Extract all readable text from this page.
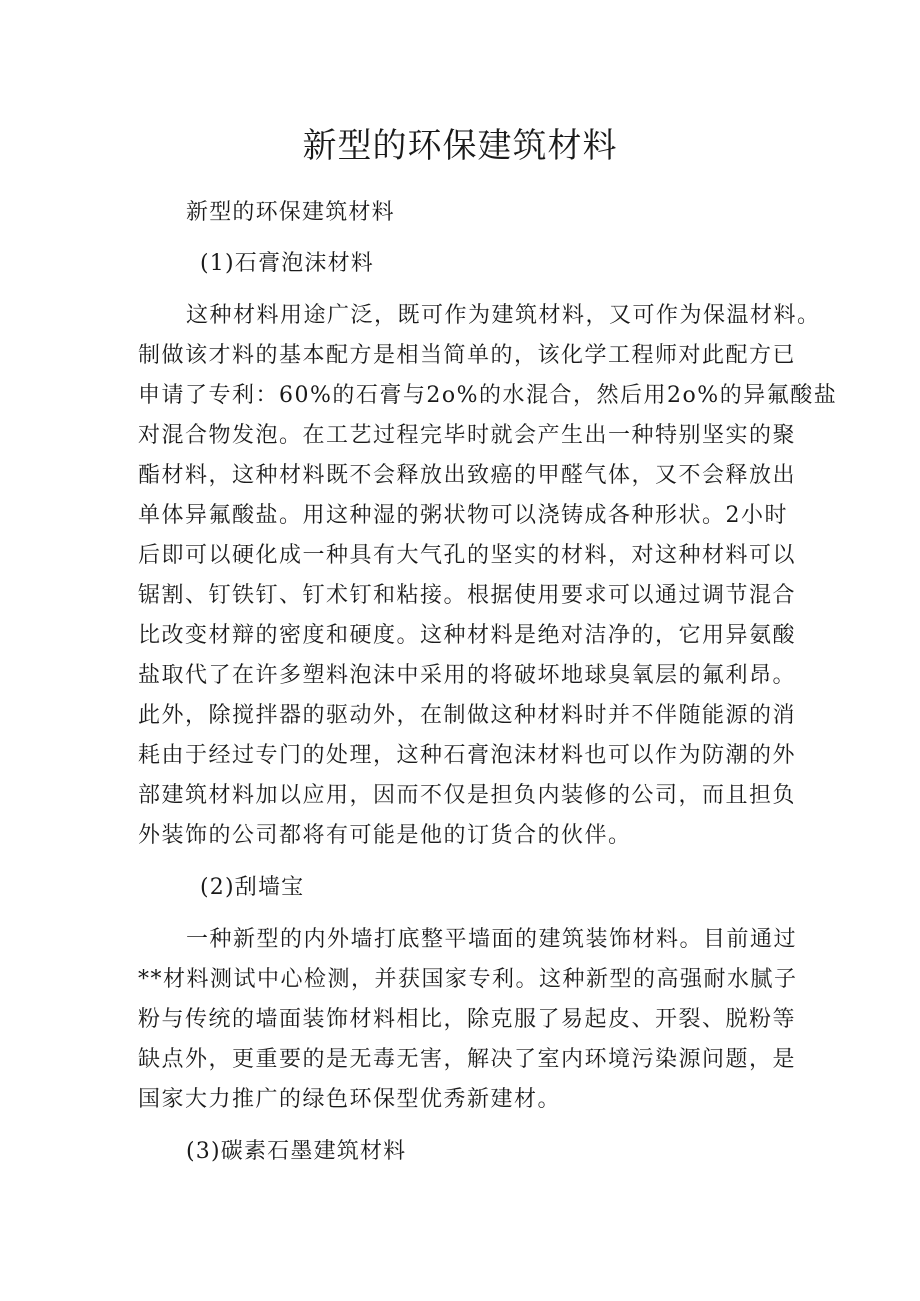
新型的环保建筑材料
新型的环保建筑材料
(1)石膏泡沫材料
这种材料用途广泛，既可作为建筑材料，又可作为保温材料。
制做该才料的基本配方是相当简单的，该化学工程师对此配方已
申请了专利：60%的石膏与2o%的水混合，然后用2o%的异氟酸盐
对混合物发泡。在工艺过程完毕时就会产生出一种特别坚实的聚
酯材料，这种材料既不会释放出致癌的甲醛气体，又不会释放出
单体异氟酸盐。用这种湿的粥状物可以浇铸成各种形状。2小时
后即可以硬化成一种具有大气孔的坚实的材料，对这种材料可以
锯割、钉铁钉、钉术钉和粘接。根据使用要求可以通过调节混合
比改变材辩的密度和硬度。这种材料是绝对洁净的，它用异氨酸
盐取代了在许多塑料泡沫中采用的将破坏地球臭氧层的氟利昂。
此外，除搅拌器的驱动外，在制做这种材料时并不伴随能源的消
耗由于经过专门的处理，这种石膏泡沫材料也可以作为防潮的外
部建筑材料加以应用，因而不仅是担负内装修的公司，而且担负
外装饰的公司都将有可能是他的订货合的伙伴。
(2)刮墙宝
一种新型的内外墙打底整平墙面的建筑装饰材料。目前通过
**材料测试中心检测，并获国家专利。这种新型的高强耐水腻子
粉与传统的墙面装饰材料相比，除克服了易起皮、开裂、脱粉等
缺点外，更重要的是无毒无害，解决了室内环境污染源问题，是
国家大力推广的绿色环保型优秀新建材。
(3)碳素石墨建筑材料
